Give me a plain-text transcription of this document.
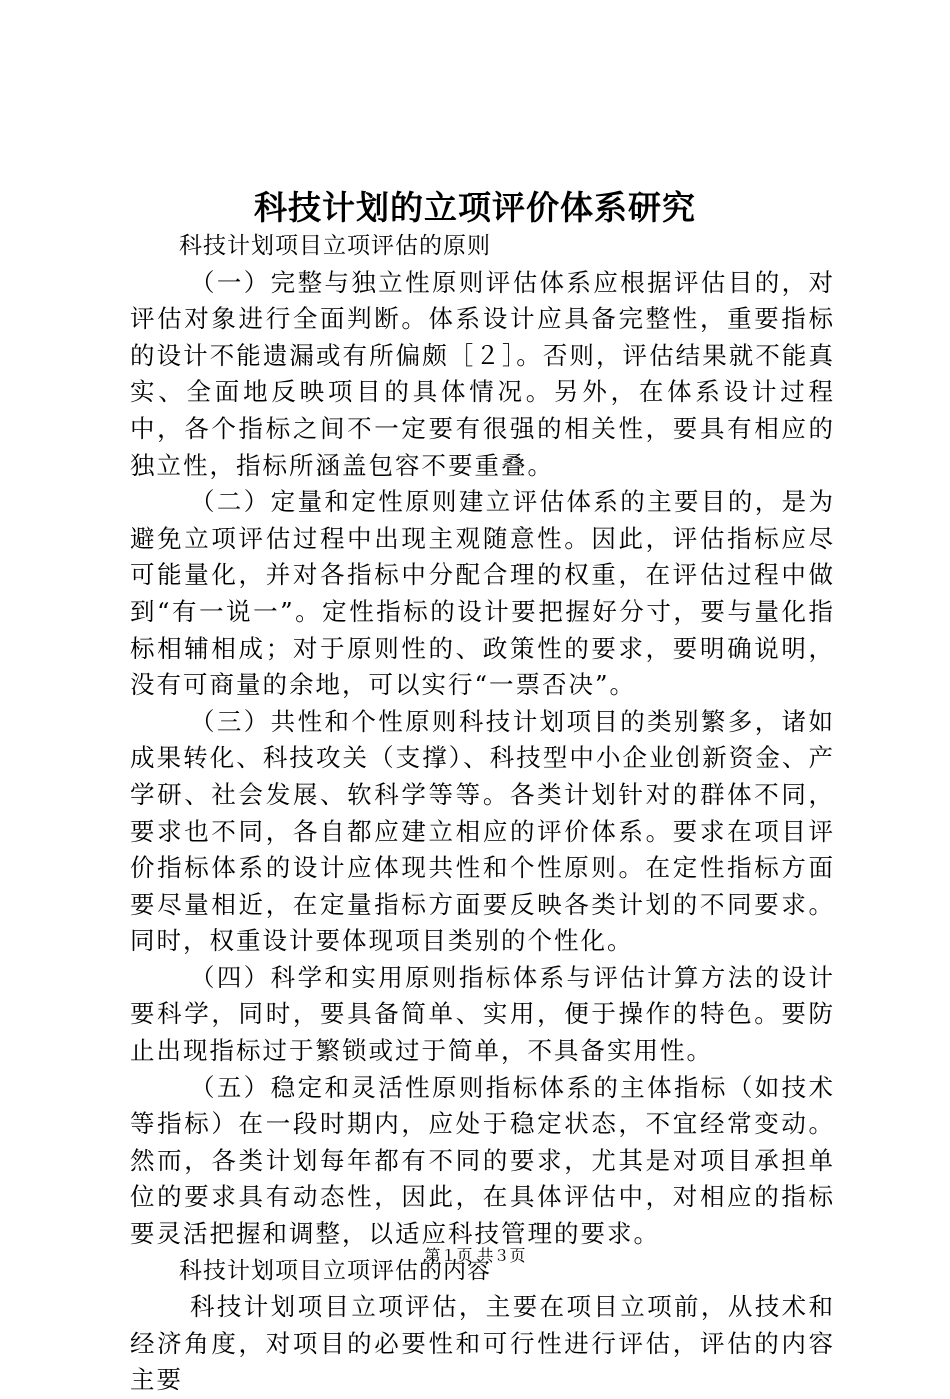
科技计划的立项评价体系研究

科技计划项目立项评估的原则

（一）完整与独立性原则评估体系应根据评估目的，对评估对象进行全面判断。体系设计应具备完整性，重要指标的设计不能遗漏或有所偏颇［２］。否则，评估结果就不能真实、全面地反映项目的具体情况。另外，在体系设计过程中，各个指标之间不一定要有很强的相关性，要具有相应的独立性，指标所涵盖包容不要重叠。

（二）定量和定性原则建立评估体系的主要目的，是为避免立项评估过程中出现主观随意性。因此，评估指标应尽可能量化，并对各指标中分配合理的权重，在评估过程中做到“有一说一”。定性指标的设计要把握好分寸，要与量化指标相辅相成；对于原则性的、政策性的要求，要明确说明，没有可商量的余地，可以实行“一票否决”。

（三）共性和个性原则科技计划项目的类别繁多，诸如成果转化、科技攻关（支撑）、科技型中小企业创新资金、产学研、社会发展、软科学等等。各类计划针对的群体不同，要求也不同，各自都应建立相应的评价体系。要求在项目评价指标体系的设计应体现共性和个性原则。在定性指标方面要尽量相近，在定量指标方面要反映各类计划的不同要求。同时，权重设计要体现项目类别的个性化。

（四）科学和实用原则指标体系与评估计算方法的设计要科学，同时，要具备简单、实用，便于操作的特色。要防止出现指标过于繁锁或过于简单，不具备实用性。

（五）稳定和灵活性原则指标体系的主体指标（如技术等指标）在一段时期内，应处于稳定状态，不宜经常变动。然而，各类计划每年都有不同的要求，尤其是对项目承担单位的要求具有动态性，因此，在具体评估中，对相应的指标要灵活把握和调整，以适应科技管理的要求。

科技计划项目立项评估的内容

科技计划项目立项评估，主要在项目立项前，从技术和经济角度，对项目的必要性和可行性进行评估，评估的内容主要

第１页 共３页
